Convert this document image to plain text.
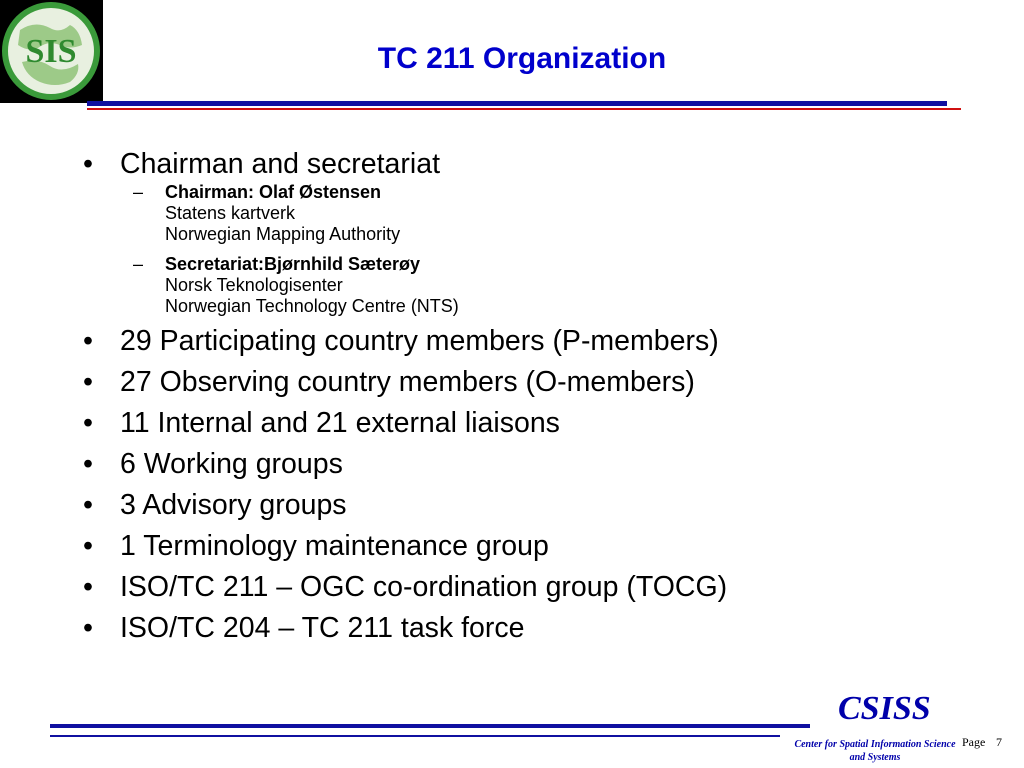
SIS	TC 211 Organization
• Chairman and secretariat
– Chairman: Olaf Østensen
Statens kartverk
Norwegian Mapping Authority
– Secretariat:Bjørnhild Sæterøy
Norsk Teknologisenter
Norwegian Technology Centre (NTS)
• 29 Participating country members (P-members)
• 27 Observing country members (O-members)
• 11 Internal and 21 external liaisons
• 6 Working groups
• 3 Advisory groups
• 1 Terminology maintenance group
• ISO/TC 211 – OGC co-ordination group (TOCG)
• ISO/TC 204 – TC 211 task force
CSISS
Center for Spatial Information Science
and Systems
Page 7
